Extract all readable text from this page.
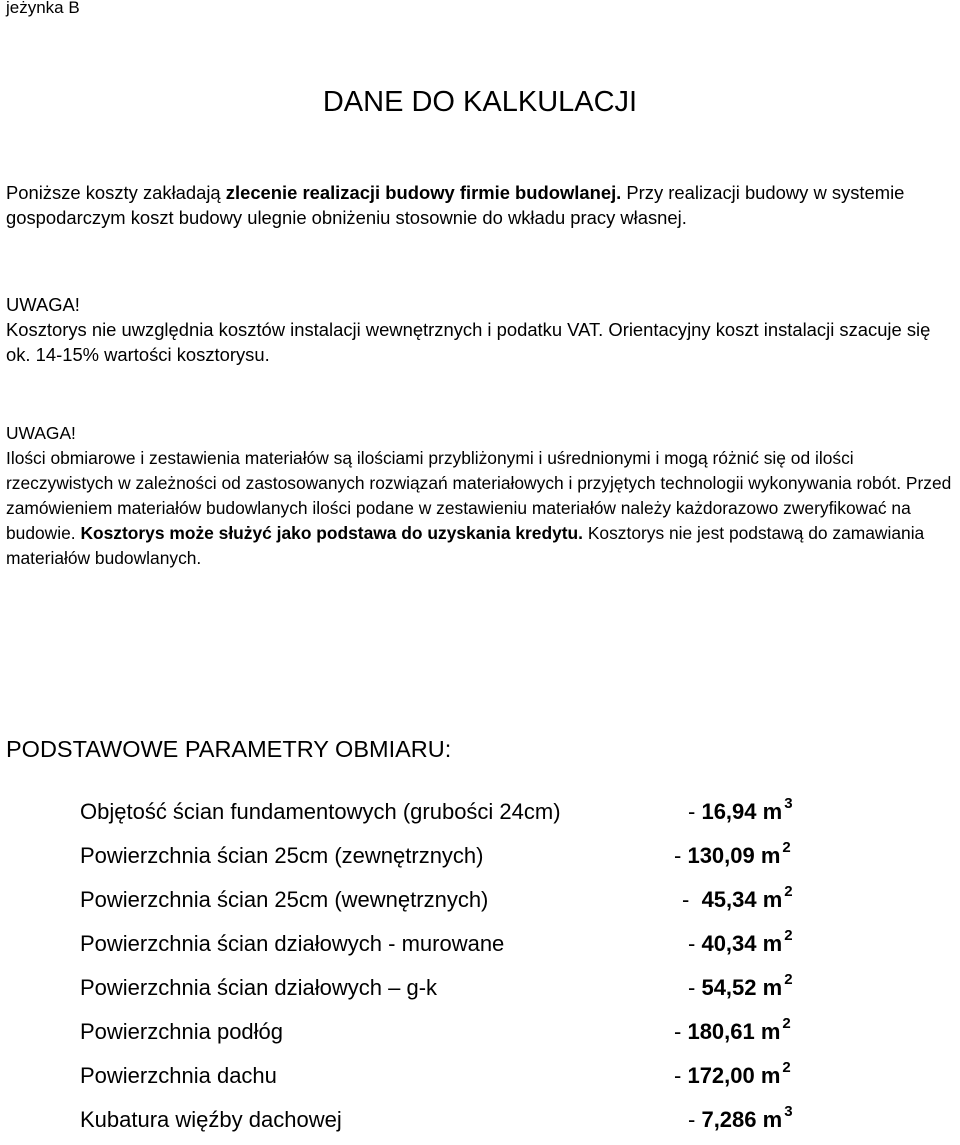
jeżynka B
DANE DO KALKULACJI

Poniższe koszty zakładają zlecenie realizacji budowy firmie budowlanej. Przy realizacji budowy w systemie gospodarczym koszt budowy ulegnie obniżeniu stosownie do wkładu pracy własnej.

UWAGA!
Kosztorys nie uwzględnia kosztów instalacji wewnętrznych i podatku VAT. Orientacyjny koszt instalacji szacuje się ok. 14-15% wartości kosztorysu.

UWAGA!
Ilości obmiarowe i zestawienia materiałów są ilościami przybliżonymi i uśrednionymi i mogą różnić się od ilości rzeczywistych w zależności od zastosowanych rozwiązań materiałowych i przyjętych technologii wykonywania robót. Przed zamówieniem materiałów budowlanych ilości podane w zestawieniu materiałów należy każdorazowo zweryfikować na budowie. Kosztorys może służyć jako podstawa do uzyskania kredytu. Kosztorys nie jest podstawą do zamawiania materiałów budowlanych.

PODSTAWOWE PARAMETRY OBMIARU:
Objętość ścian fundamentowych (grubości 24cm)	- 16,94 m $^3$
Powierzchnia ścian 25cm (zewnętrznych)	- 130,09 m $^2$
Powierzchnia ścian 25cm (wewnętrznych)	-  45,34 m $^2$
Powierzchnia ścian działowych - murowane	- 40,34 m $^2$
Powierzchnia ścian działowych – g-k	- 54,52 m $^2$
Powierzchnia podłóg	- 180,61 m $^2$
Powierzchnia dachu	- 172,00 m $^2$
Kubatura więźby dachowej	- 7,286 m $^3$
